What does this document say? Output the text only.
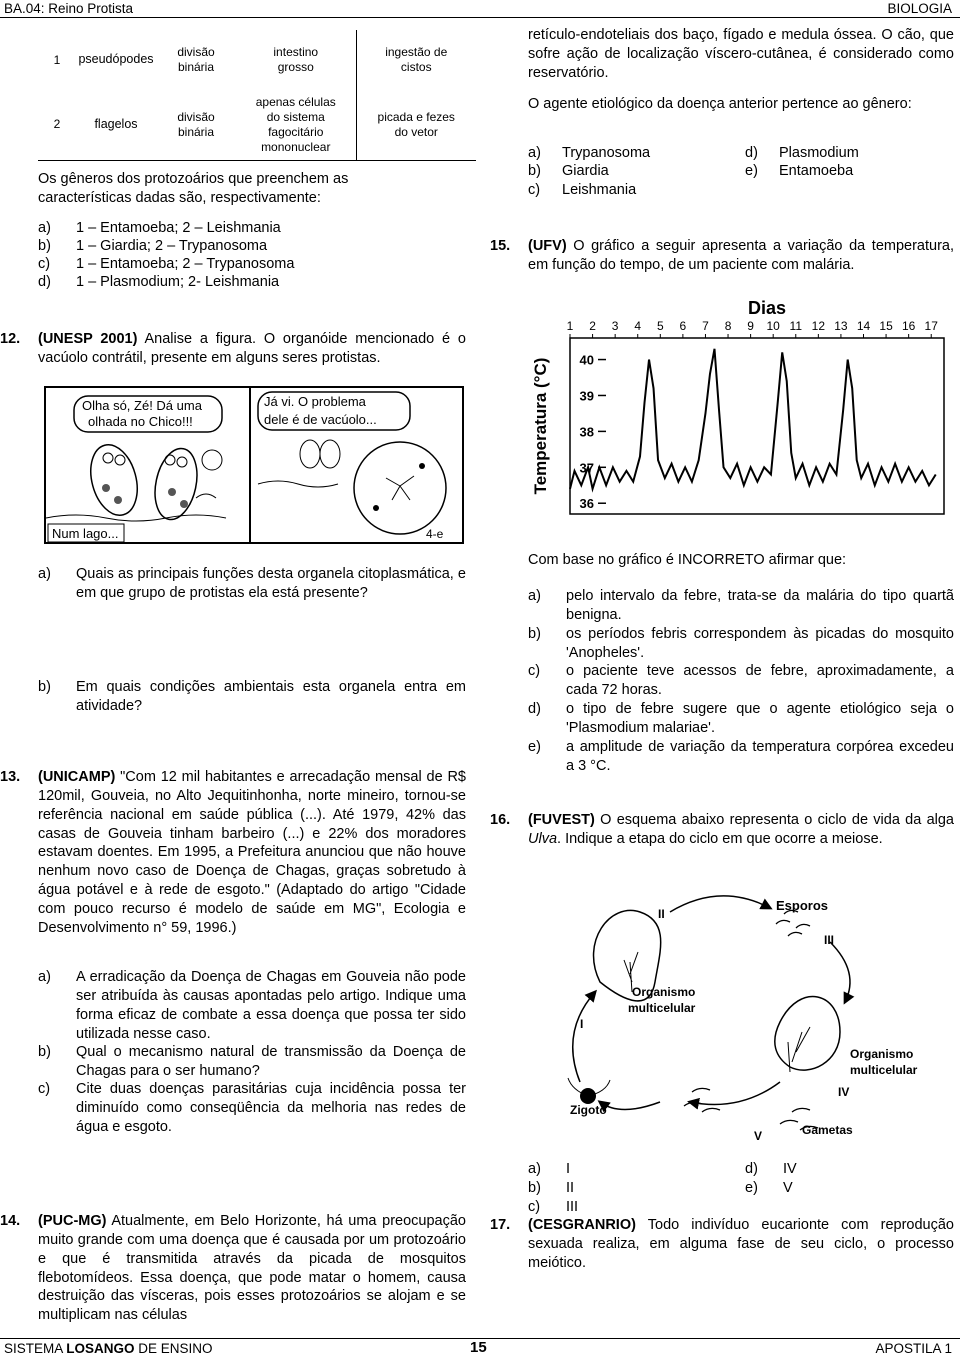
BA.04: Reino Protista	BIOLOGIA
1	pseudópodes	divisão binária	intestino grosso	ingestão de cistos
2	flagelos	divisão binária	apenas células do sistema fagocitário mononuclear	picada e fezes do vetor
Os gêneros dos protozoários que preenchem as características dadas são, respectivamente:
a)	1 – Entamoeba; 2 – Leishmania
b)	1 – Giardia; 2 – Trypanosoma
c)	1 – Entamoeba; 2 – Trypanosoma
d)	1 – Plasmodium; 2- Leishmania
12.	(UNESP 2001) Analise a figura. O organóide mencionado é o vacúolo contrátil, presente em alguns seres protistas.
Olha só, Zé! Dá uma
olhada no Chico!!!
Já vi. O problema
dele é de vacúolo...
Num lago...	4-e
a)	Quais as principais funções desta organela citoplasmática, e em que grupo de protistas ela está presente?
b)	Em quais condições ambientais esta organela entra em atividade?
13.	(UNICAMP) "Com 12 mil habitantes e arrecadação mensal de R$ 120mil, Gouveia, no Alto Jequitinhonha, norte mineiro, tornou-se referência nacional em saúde pública (...). Até 1979, 42% das casas de Gouveia tinham barbeiro (...) e 22% dos moradores estavam doentes. Em 1995, a Prefeitura anunciou que não houve nenhum novo caso de Doença de Chagas, graças sobretudo à água potável e à rede de esgoto." (Adaptado do artigo "Cidade com pouco recurso é modelo de saúde em MG", Ecologia e Desenvolvimento n° 59, 1996.)
a)	A erradicação da Doença de Chagas em Gouveia não pode ser atribuída às causas apontadas pelo artigo. Indique uma forma eficaz de combate a essa doença que possa ter sido utilizada nesse caso.
b)	Qual o mecanismo natural de transmissão da Doença de Chagas para o ser humano?
c)	Cite duas doenças parasitárias cuja incidência possa ter diminuído como conseqüência da melhoria nas redes de água e esgoto.
14.	(PUC-MG) Atualmente, em Belo Horizonte, há uma preocupação muito grande com uma doença que é causada por um protozoário e que é transmitida através da picada de mosquitos flebotomídeos. Essa doença, que pode matar o homem, causa destruição das vísceras, pois esses protozoários se alojam e se multiplicam nas células
retículo-endoteliais dos baço, fígado e medula óssea. O cão, que sofre ação de localização víscero-cutânea, é considerado como reservatório.
O agente etiológico da doença anterior pertence ao gênero:
a)	Trypanosoma
b)	Giardia
c)	Leishmania
d)	Plasmodium
e)	Entamoeba
15.	(UFV) O gráfico a seguir apresenta a variação da temperatura, em função do tempo, de um paciente com malária.
Dias
Temperatura (°C)
1 2 3 4 5 6 7 8 9 10 11 12 13 14 15 16 17
40
39
38
37
36
Com base no gráfico é INCORRETO afirmar que:
a)	pelo intervalo da febre, trata-se da malária do tipo quartã benigna.
b)	os períodos febris correspondem às picadas do mosquito 'Anopheles'.
c)	o paciente teve acessos de febre, aproximadamente, a cada 72 horas.
d)	o tipo de febre sugere que o agente etiológico seja o 'Plasmodium malariae'.
e)	a amplitude de variação da temperatura corpórea excedeu a 3 °C.
16.	(FUVEST) O esquema abaixo representa o ciclo de vida da alga Ulva. Indique a etapa do ciclo em que ocorre a meiose.
Esporos
Organismo
multicelular
Organismo
multicelular
Zigoto
Gametas
I
II
III
IV
V
a)	I
b)	II
c)	III
d)	IV
e)	V
17.	(CESGRANRIO) Todo indivíduo eucarionte com reprodução sexuada realiza, em alguma fase de seu ciclo, o processo meiótico.
SISTEMA LOSANGO DE ENSINO	15	APOSTILA 1
